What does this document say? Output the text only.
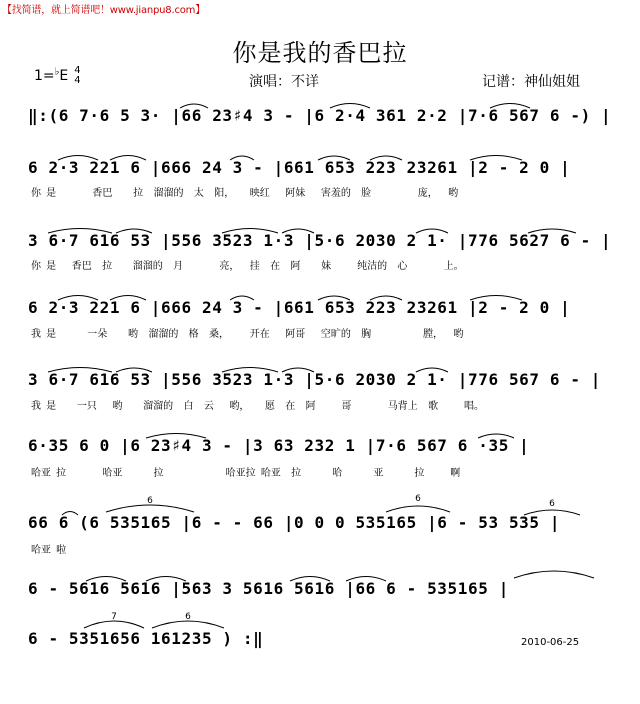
【找简谱，就上简谱吧！www.jianpu8.com】
你是我的香巴拉
1=♭E 4
4	演唱：不详	记谱：神仙姐姐
‖:(6 7·6 5 3· |66 23♯4 3 - |6 2·4 361 2·2 |7·6 567 6 -) |
6 2·3 221 6 |666 24 3 - |661 653 223 23261 |2 - 2 0 |
你 是       香巴    拉  溜溜的  太  阳，   映红   阿妹   害羞的  脸         庞，  哟
3 6·7 616 53 |556 3523 1·3 |5·6 2030 2 1· |776 5627 6 - |
你 是   香巴  拉    溜溜的  月       亮，  挂  在  阿    妹     纯洁的  心       上。
6 2·3 221 6 |666 24 3 - |661 653 223 23261 |2 - 2 0 |
我 是      一朵    哟  溜溜的  格  桑，    开在   阿哥   空旷的  胸          膛，  哟
3 6·7 616 53 |556 3523 1·3 |5·6 2030 2 1· |776 567 6 - |
我 是    一只   哟    溜溜的  白  云   哟，   愿  在  阿     哥       马背上  歌     唱。
6·35 6 0 |6 23♯4 3 - |3 63 232 1 |7·6 567 6 ·35 |
哈亚 拉       哈亚      拉            哈亚拉 哈亚  拉      哈      亚      拉     啊
66 6 (6 535165 |6 - - 66 |0 0 0 535165 |6 - 53 535 |
哈亚 啦
6 - 5616 5616 |563 3 5616 5616 |66 6 - 535165 |
6 - 5351656 161235 ) :‖
6	6	6
7	6
2010-06-25
